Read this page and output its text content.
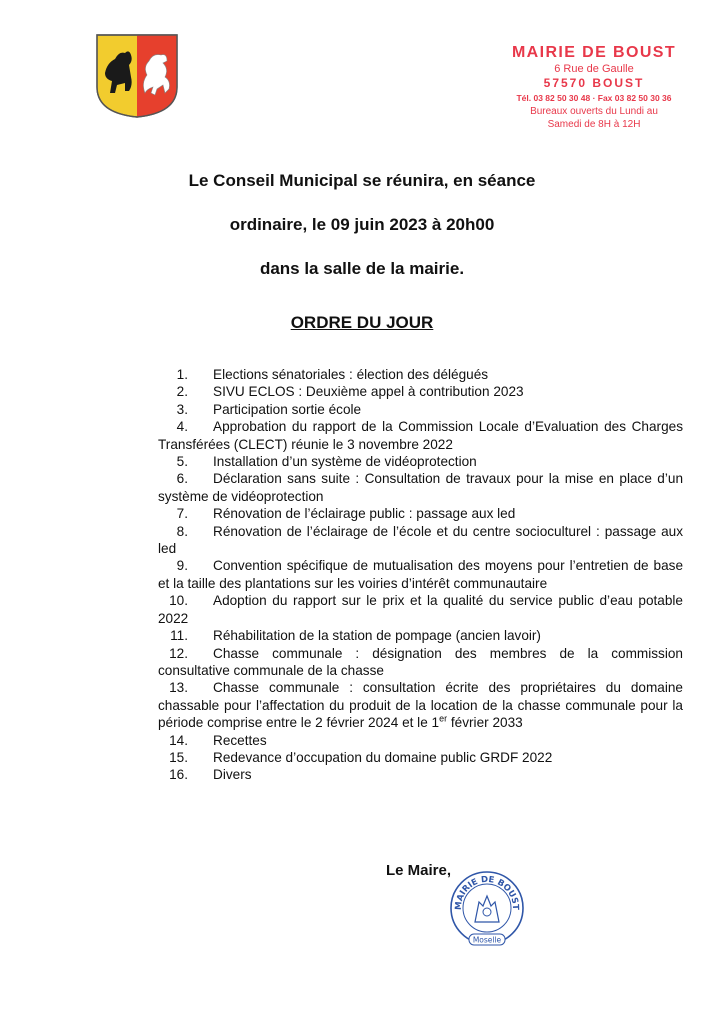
MAIRIE DE BOUST
6 Rue de Gaulle
57570 BOUST
Tél. 03 82 50 30 48 · Fax 03 82 50 30 36
Bureaux ouverts du Lundi au
Samedi de 8H à 12H
Le Conseil Municipal se réunira, en séance
ordinaire, le 09 juin 2023 à 20h00
dans la salle de la mairie.
ORDRE DU JOUR
1. Elections sénatoriales : élection des délégués
2. SIVU ECLOS : Deuxième appel à contribution 2023
3. Participation sortie école
4. Approbation du rapport de la Commission Locale d’Evaluation des Charges Transférées (CLECT) réunie le 3 novembre 2022
5. Installation d’un système de vidéoprotection
6. Déclaration sans suite : Consultation de travaux pour la mise en place d’un système de vidéoprotection
7. Rénovation de l’éclairage public : passage aux led
8. Rénovation de l’éclairage de l’école et du centre socioculturel : passage aux led
9. Convention spécifique de mutualisation des moyens pour l’entretien de base et la taille des plantations sur les voiries d’intérêt communautaire
10. Adoption du rapport sur le prix et la qualité du service public d’eau potable 2022
11. Réhabilitation de la station de pompage (ancien lavoir)
12. Chasse communale : désignation des membres de la commission consultative communale de la chasse
13. Chasse communale : consultation écrite des propriétaires du domaine chassable pour l’affectation du produit de la location de la chasse communale pour la période comprise entre le 2 février 2024 et le 1er février 2033
14. Recettes
15. Redevance d’occupation du domaine public GRDF 2022
16. Divers
Le Maire,
MAIRIE DE BOUST
Moselle
